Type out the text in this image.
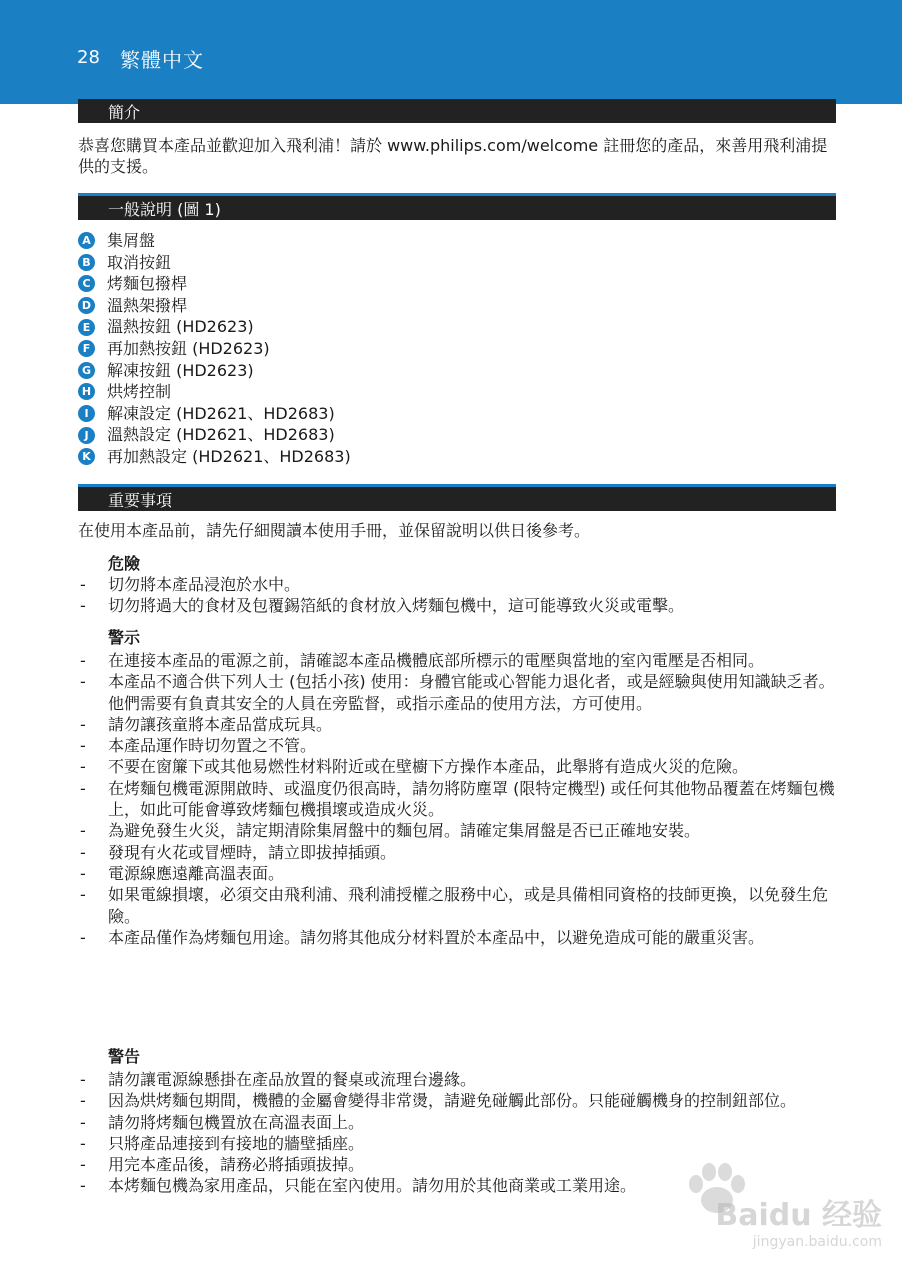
28 繁體中文
簡介
恭喜您購買本產品並歡迎加入飛利浦！請於 www.philips.com/welcome 註冊您的產品，來善用飛利浦提供的支援。
一般說明 (圖 1)
A 集屑盤
B 取消按鈕
C 烤麵包撥桿
D 溫熱架撥桿
E 溫熱按鈕 (HD2623)
F 再加熱按鈕 (HD2623)
G 解凍按鈕 (HD2623)
H 烘烤控制
I	解凍設定 (HD2621、HD2683)
J	溫熱設定 (HD2621、HD2683)
K 再加熱設定 (HD2621、HD2683)
重要事項
在使用本產品前，請先仔細閱讀本使用手冊，並保留說明以供日後參考。
危險
- 切勿將本產品浸泡於水中。
- 切勿將過大的食材及包覆錫箔紙的食材放入烤麵包機中，這可能導致火災或電擊。
警示
- 在連接本產品的電源之前，請確認本產品機體底部所標示的電壓與當地的室內電壓是否相同。
- 本產品不適合供下列人士 (包括小孩) 使用：身體官能或心智能力退化者，或是經驗與使用知識缺乏者。他們需要有負責其安全的人員在旁監督，或指示產品的使用方法，方可使用。
- 請勿讓孩童將本產品當成玩具。
- 本產品運作時切勿置之不管。
- 不要在窗簾下或其他易燃性材料附近或在壁櫥下方操作本產品，此舉將有造成火災的危險。
- 在烤麵包機電源開啟時、或溫度仍很高時，請勿將防塵罩 (限特定機型) 或任何其他物品覆蓋在烤麵包機上，如此可能會導致烤麵包機損壞或造成火災。
- 為避免發生火災，請定期清除集屑盤中的麵包屑。請確定集屑盤是否已正確地安裝。
- 發現有火花或冒煙時，請立即拔掉插頭。
- 電源線應遠離高溫表面。
- 如果電線損壞，必須交由飛利浦、飛利浦授權之服務中心，或是具備相同資格的技師更換，以免發生危險。
- 本產品僅作為烤麵包用途。請勿將其他成分材料置於本產品中，以避免造成可能的嚴重災害。
警告
- 請勿讓電源線懸掛在產品放置的餐桌或流理台邊緣。
- 因為烘烤麵包期間，機體的金屬會變得非常燙，請避免碰觸此部份。只能碰觸機身的控制鈕部位。
- 請勿將烤麵包機置放在高溫表面上。
- 只將產品連接到有接地的牆壁插座。
- 用完本產品後，請務必將插頭拔掉。
- 本烤麵包機為家用產品，只能在室內使用。請勿用於其他商業或工業用途。
Baidu 经验
jingyan.baidu.com
